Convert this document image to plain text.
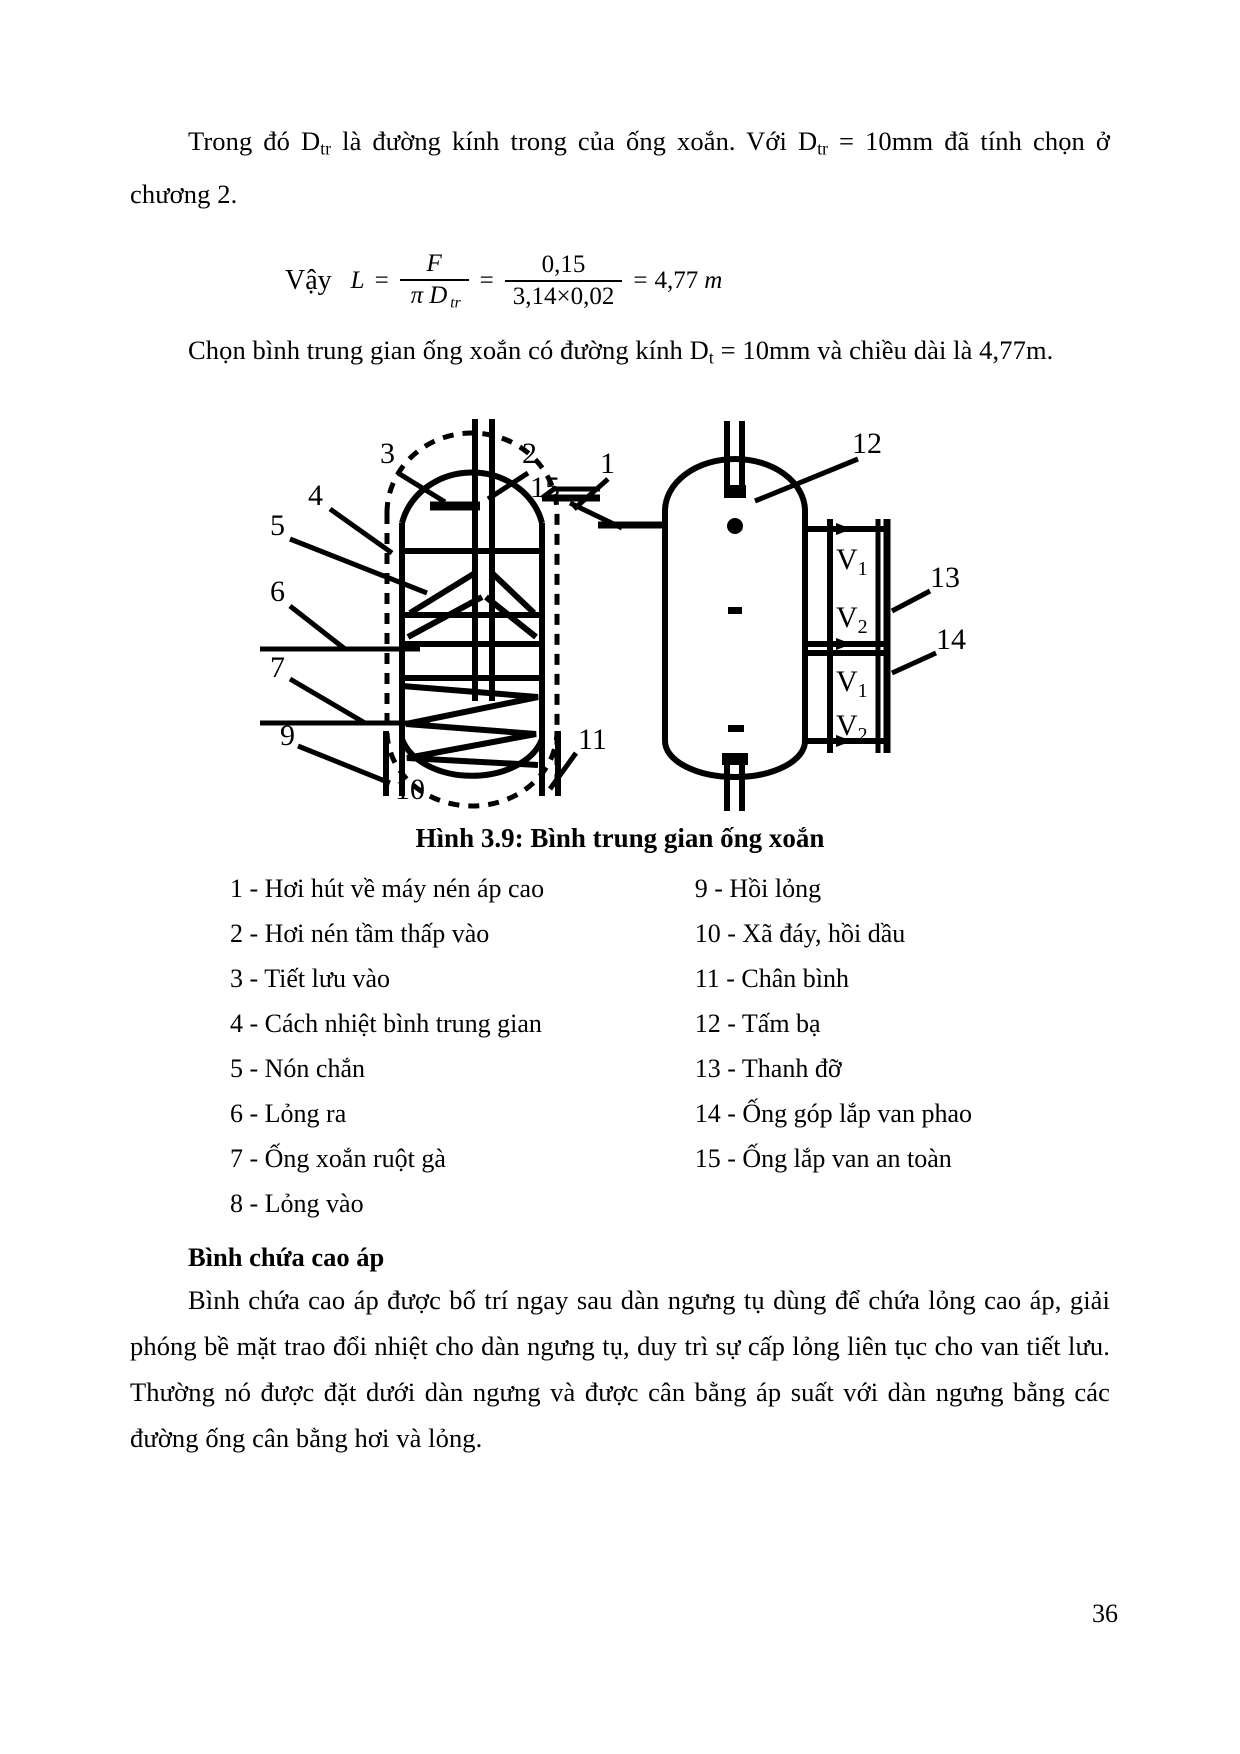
Trong đó $D_{tr}$ là đường kính trong của ống xoắn. Với $D_{tr} = 10mm$ đã tính chọn ở chương 2.

Vậy $L = \frac{F}{\text{π D tr}} = \frac{0,15}{3,14\times 0,02} = 4,77$ m

Chọn bình trung gian ống xoắn có đường kính $D_t = 10mm$ và chiều dài là 4,77m.

3	2
4
5
6
7
9
10
11
1
15
12
13
14
$V_1$
$V_2$
$V_1$
$V_2$
Hình 3.9: Bình trung gian ống xoắn
1 - Hơi hút về máy nén áp cao
2 - Hơi nén tầm thấp vào
3 - Tiết lưu vào
4 - Cách nhiệt bình trung gian
5 - Nón chắn
6 - Lỏng ra
7 - Ống xoắn ruột gà
8 - Lỏng vào
9 - Hồi lỏng
10 - Xã đáy, hồi dầu
11 - Chân bình
12 - Tấm bạ
13 - Thanh đỡ
14 - Ống góp lắp van phao
15 - Ống lắp van an toàn
Bình chứa cao áp

Bình chứa cao áp được bố trí ngay sau dàn ngưng tụ dùng để chứa lỏng cao áp, giải phóng bề mặt trao đổi nhiệt cho dàn ngưng tụ, duy trì sự cấp lỏng liên tục cho van tiết lưu. Thường nó được đặt dưới dàn ngưng và được cân bằng áp suất với dàn ngưng bằng các đường ống cân bằng hơi và lỏng.

36
